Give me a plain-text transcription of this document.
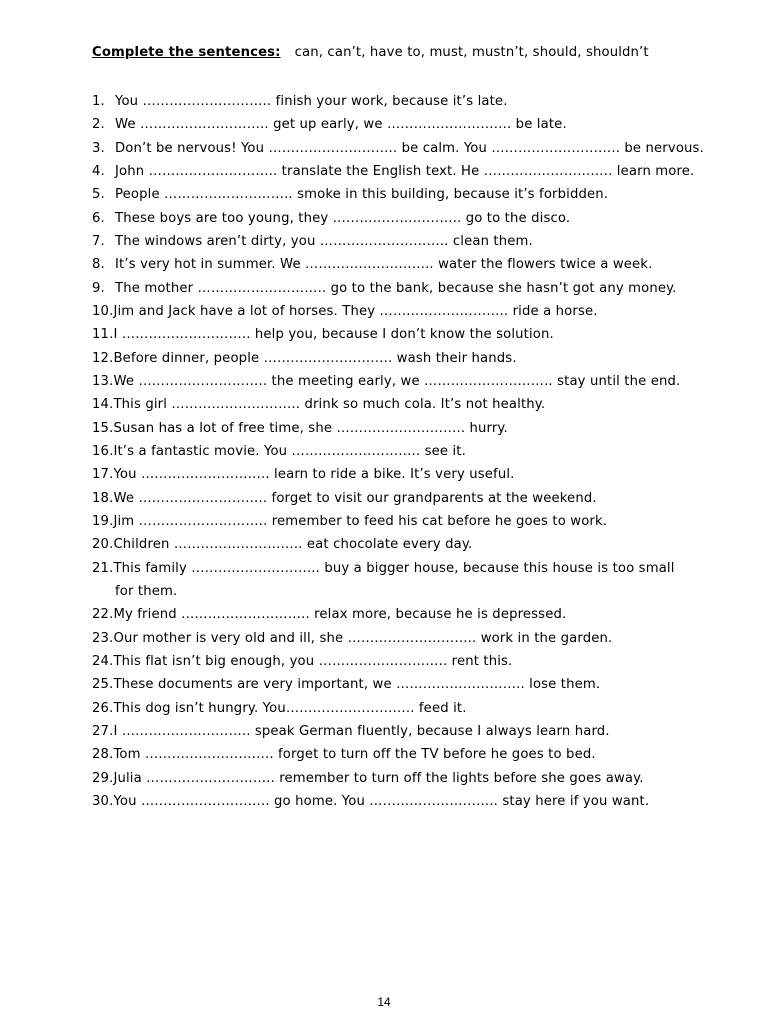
Complete the sentences: can, can’t, have to, must, mustn’t, should, shouldn’t
1. You ……………………….. finish your work, because it’s late.
2. We ……………………….. get up early, we ………………………. be late.
3. Don’t be nervous! You ……………………….. be calm. You ……………………….. be nervous.
4. John ……………………….. translate the English text. He ……………………….. learn more.
5. People ……………………….. smoke in this building, because it’s forbidden.
6. These boys are too young, they ……………………….. go to the disco.
7. The windows aren’t dirty, you ……………………….. clean them.
8. It’s very hot in summer. We ……………………….. water the flowers twice a week.
9. The mother ……………………….. go to the bank, because she hasn’t got any money.
10.Jim and Jack have a lot of horses. They ……………………….. ride a horse.
11.I ……………………….. help you, because I don’t know the solution.
12.Before dinner, people ……………………….. wash their hands.
13.We ……………………….. the meeting early, we ……………………….. stay until the end.
14.This girl ……………………….. drink so much cola. It’s not healthy.
15.Susan has a lot of free time, she ……………………….. hurry.
16.It’s a fantastic movie. You ……………………….. see it.
17.You ……………………….. learn to ride a bike. It’s very useful.
18.We ……………………….. forget to visit our grandparents at the weekend.
19.Jim ……………………….. remember to feed his cat before he goes to work.
20.Children ……………………….. eat chocolate every day.
21.This family ……………………….. buy a bigger house, because this house is too small
for them.
22.My friend ……………………….. relax more, because he is depressed.
23.Our mother is very old and ill, she ……………………….. work in the garden.
24.This flat isn’t big enough, you ……………………….. rent this.
25.These documents are very important, we ……………………….. lose them.
26.This dog isn’t hungry. You……………………….. feed it.
27.I ……………………….. speak German fluently, because I always learn hard.
28.Tom ……………………….. forget to turn off the TV before he goes to bed.
29.Julia ……………………….. remember to turn off the lights before she goes away.
30.You ……………………….. go home. You ……………………….. stay here if you want.
14
